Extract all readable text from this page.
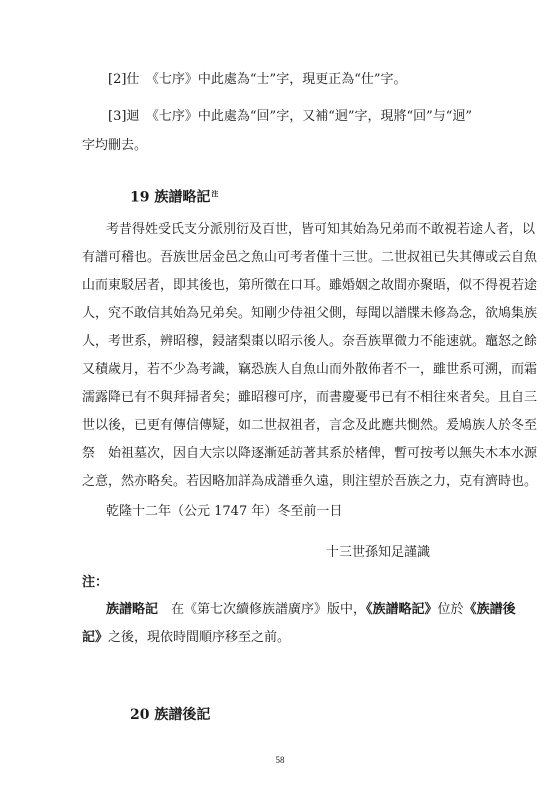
[2]仕　《七序》中此處為“士”字，現更正為“仕”字。
[3]迴　《七序》中此處為“回”字，又補“迥”字，現將“回”与“迥”
字均刪去。
19 族譜略記$^注$
考昔得姓受氏支分派別衍及百世，皆可知其始為兄弟而不敢視若途人者，以
有譜可稽也。吾族世居金邑之魚山可考者僅十三世。二世叔祖已失其傳或云自魚
山而東駁居者，即其後也，第所徵在口耳。雖婚姻之故間亦聚晤，似不得視若途
人，究不敢信其始為兄弟矣。知剛少侍祖父側，每聞以譜牒未修為念，欲鳩集族
人，考世系，辨昭穆，鋟諸梨棗以昭示後人。奈吾族單微力不能速就。竈怒之餘
又積歲月，若不少為考識，竊恐族人自魚山而外散佈者不一，雖世系可溯，而霜
濡露降已有不與拜掃者矣；雖昭穆可序，而書慶憂弔已有不相往來者矣。且自三
世以後，已更有傳信傳疑，如二世叔祖者，言念及此應共惻然。爰鳩族人於冬至
祭　始祖墓次，因自大宗以降逐漸延訪著其系於楮俾，暫可按考以無失木本水源
之意，然亦略矣。若因略加詳為成譜垂久遠，則注望於吾族之力，克有濟時也。
乾隆十二年（公元 1747 年）冬至前一日
十三世孫知足謹識
注：
族譜略記　在《第七次續修族譜廣序》版中，《族譜略記》位於《族譜後
記》之後，現依時間順序移至之前。
20 族譜後記
58
